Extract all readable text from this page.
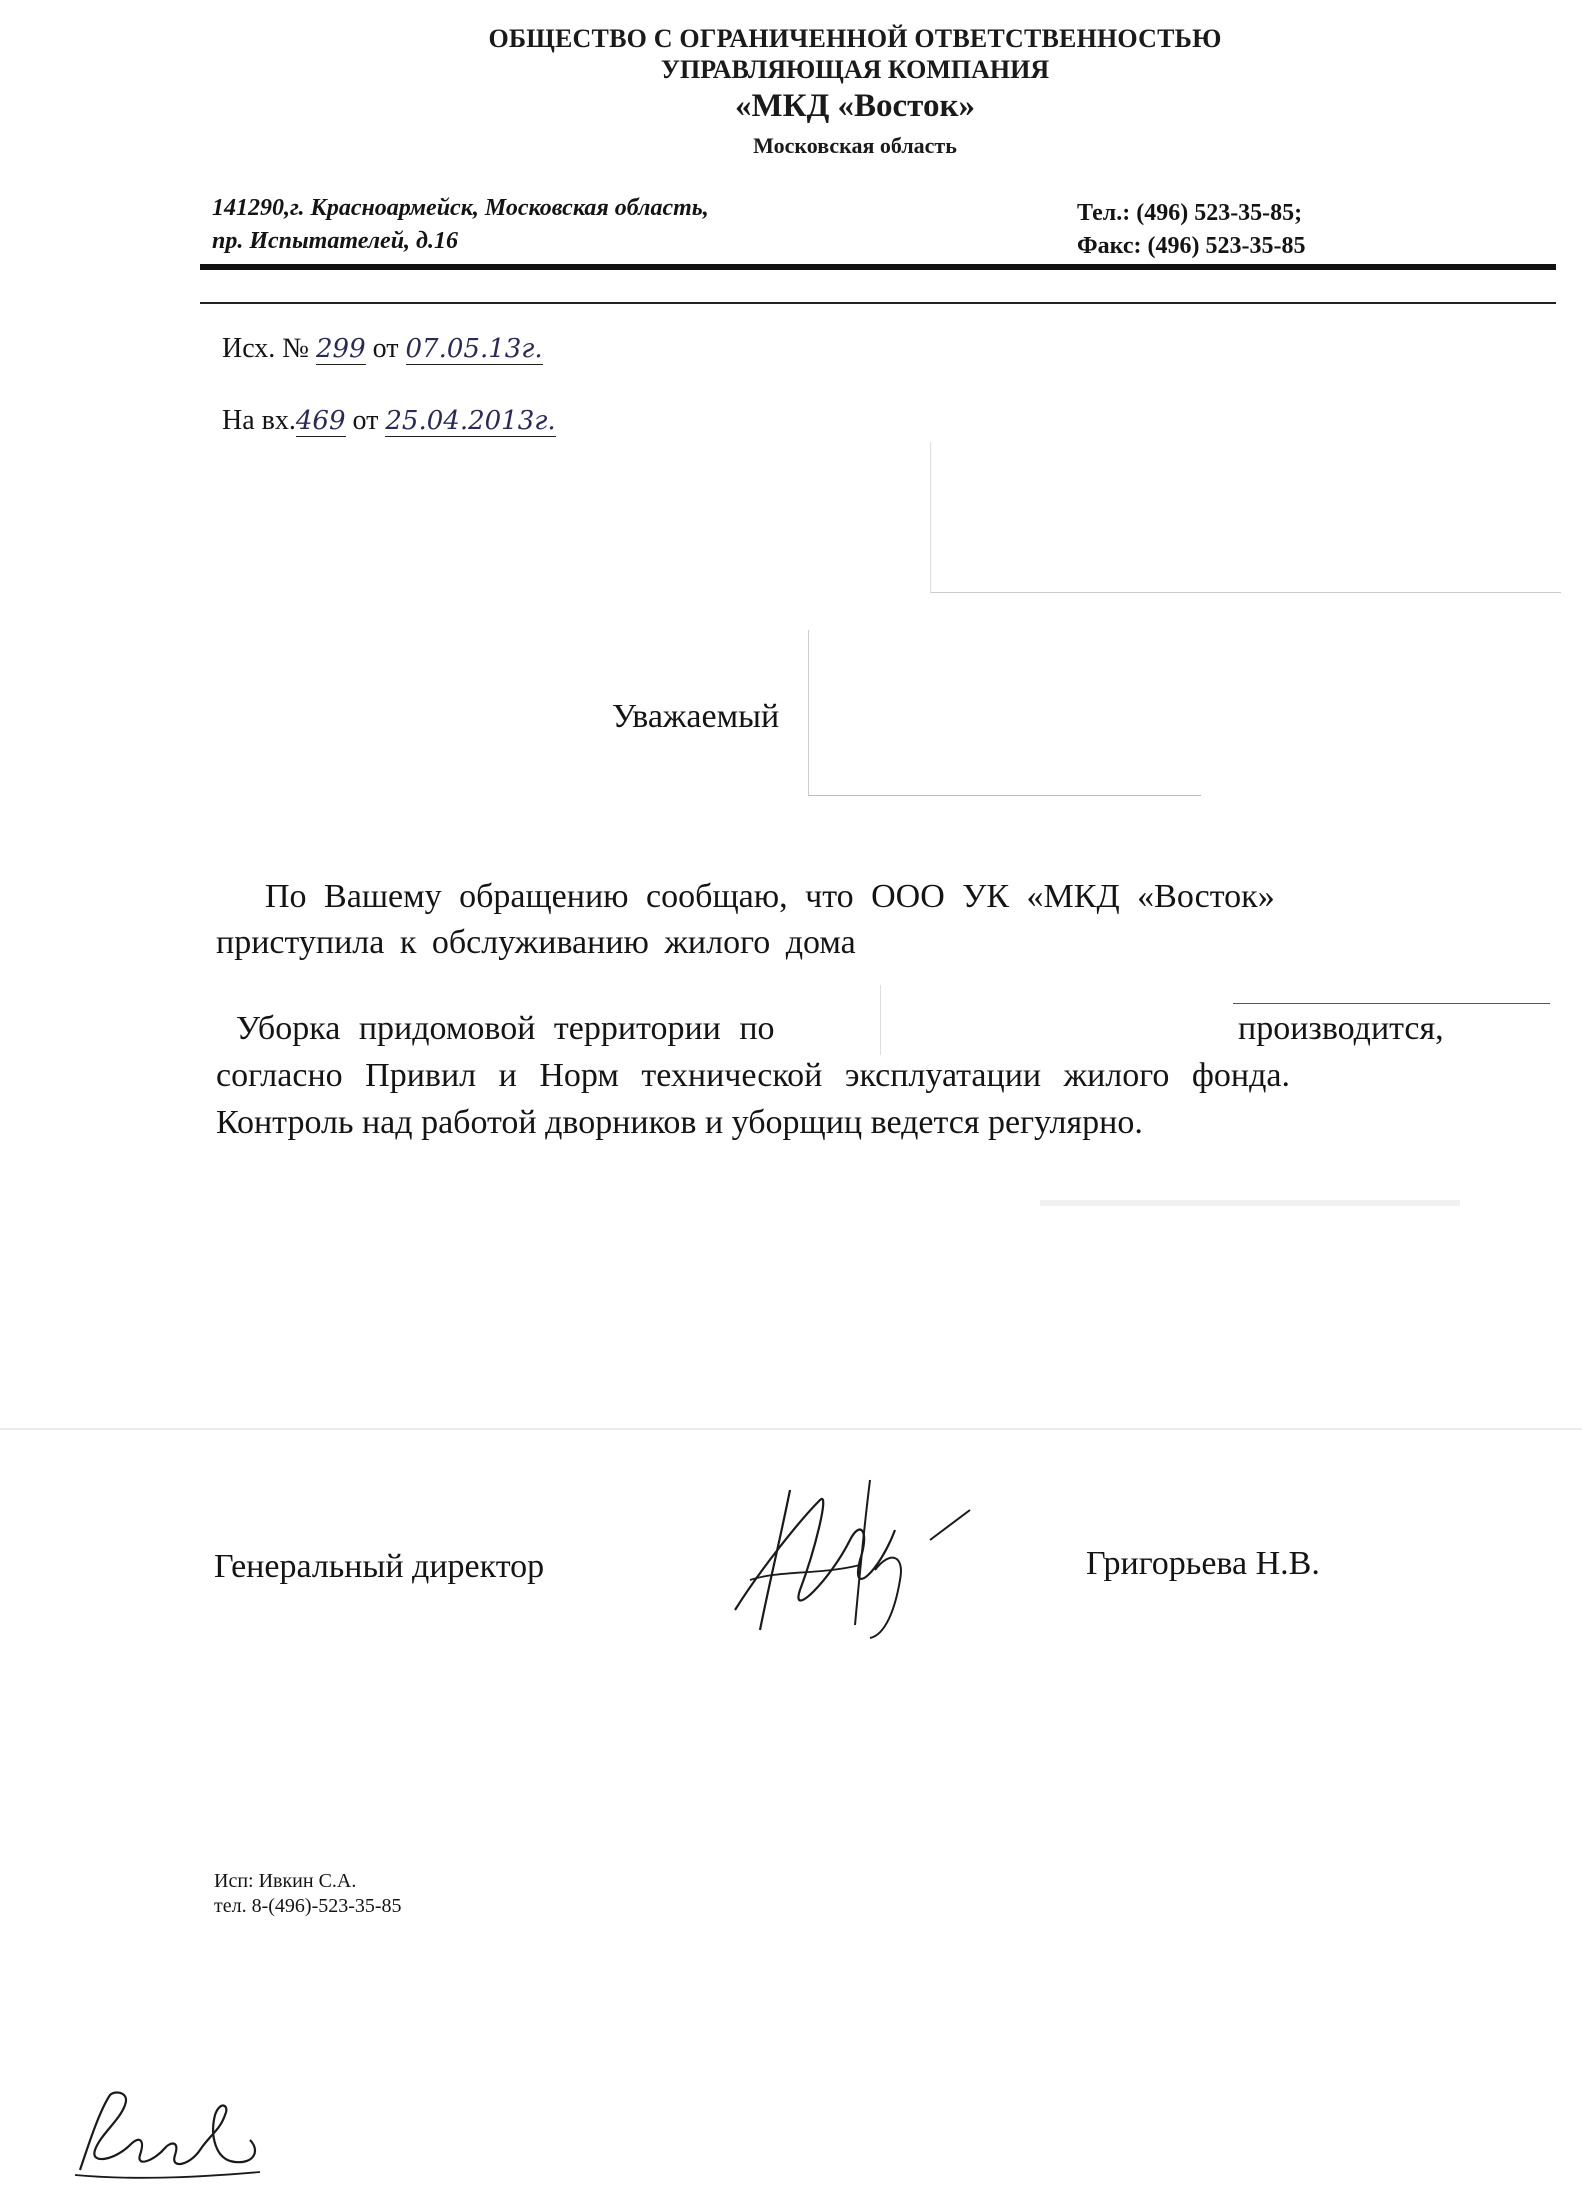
ОБЩЕСТВО С ОГРАНИЧЕННОЙ ОТВЕТСТВЕННОСТЬЮ
УПРАВЛЯЮЩАЯ КОМПАНИЯ
«МКД «Восток»
Московская область
141290,г. Красноармейск, Московская область,
пр. Испытателей, д.16
Тел.: (496) 523-35-85;
Факс: (496) 523-35-85
Исх. № 299 от 07.05.13г.
На вх.469 от 25.04.2013г.
Уважаемый
По Вашему обращению сообщаю, что ООО УК «МКД «Восток»
приступила к обслуживанию жилого дома
Уборка придомовой территории по	производится,
согласно Привил и Норм технической эксплуатации жилого фонда.
Контроль над работой дворников и уборщиц ведется регулярно.
Генеральный директор	Григорьева Н.В.
Исп: Ивкин С.А.
тел. 8-(496)-523-35-85
